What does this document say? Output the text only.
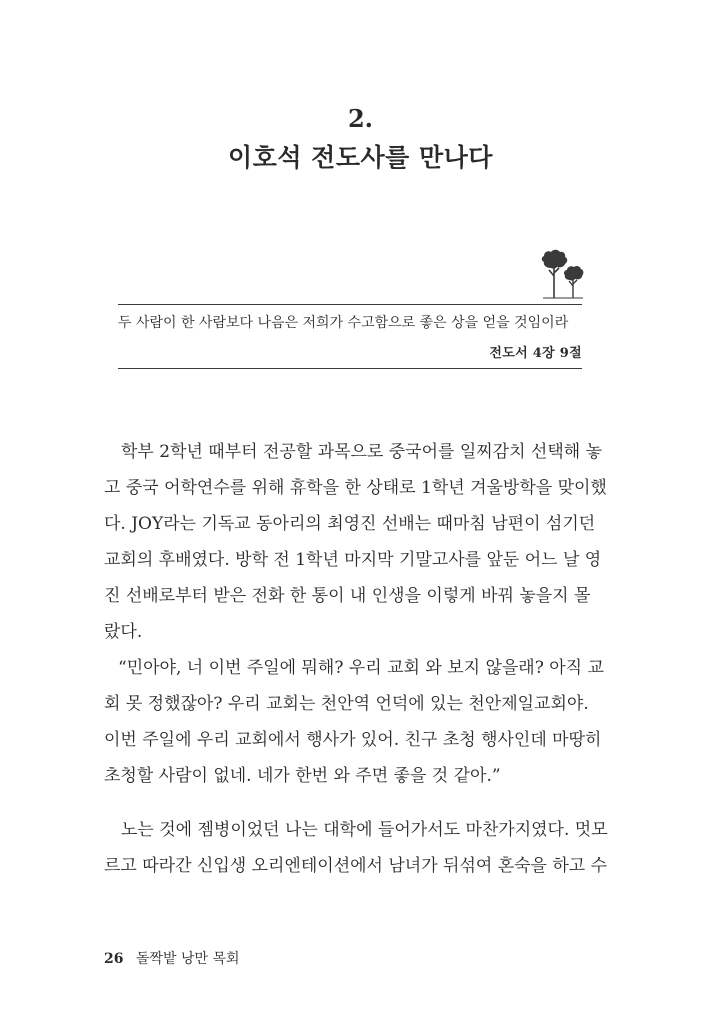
2.
이호석 전도사를 만나다
두 사람이 한 사람보다 나음은 저희가 수고함으로 좋은 상을 얻을 것임이라
전도서 4장 9절
학부 2학년 때부터 전공할 과목으로 중국어를 일찌감치 선택해 놓
고 중국 어학연수를 위해 휴학을 한 상태로 1학년 겨울방학을 맞이했
다. JOY라는 기독교 동아리의 최영진 선배는 때마침 남편이 섬기던
교회의 후배였다. 방학 전 1학년 마지막 기말고사를 앞둔 어느 날 영
진 선배로부터 받은 전화 한 통이 내 인생을 이렇게 바꿔 놓을지 몰
랐다.
“민아야, 너 이번 주일에 뭐해? 우리 교회 와 보지 않을래? 아직 교
회 못 정했잖아? 우리 교회는 천안역 언덕에 있는 천안제일교회야.
이번 주일에 우리 교회에서 행사가 있어. 친구 초청 행사인데 마땅히
초청할 사람이 없네. 네가 한번 와 주면 좋을 것 같아.”
노는 것에 젬병이었던 나는 대학에 들어가서도 마찬가지였다. 멋모
르고 따라간 신입생 오리엔테이션에서 남녀가 뒤섞여 혼숙을 하고 수
26 돌짝밭 낭만 목회
